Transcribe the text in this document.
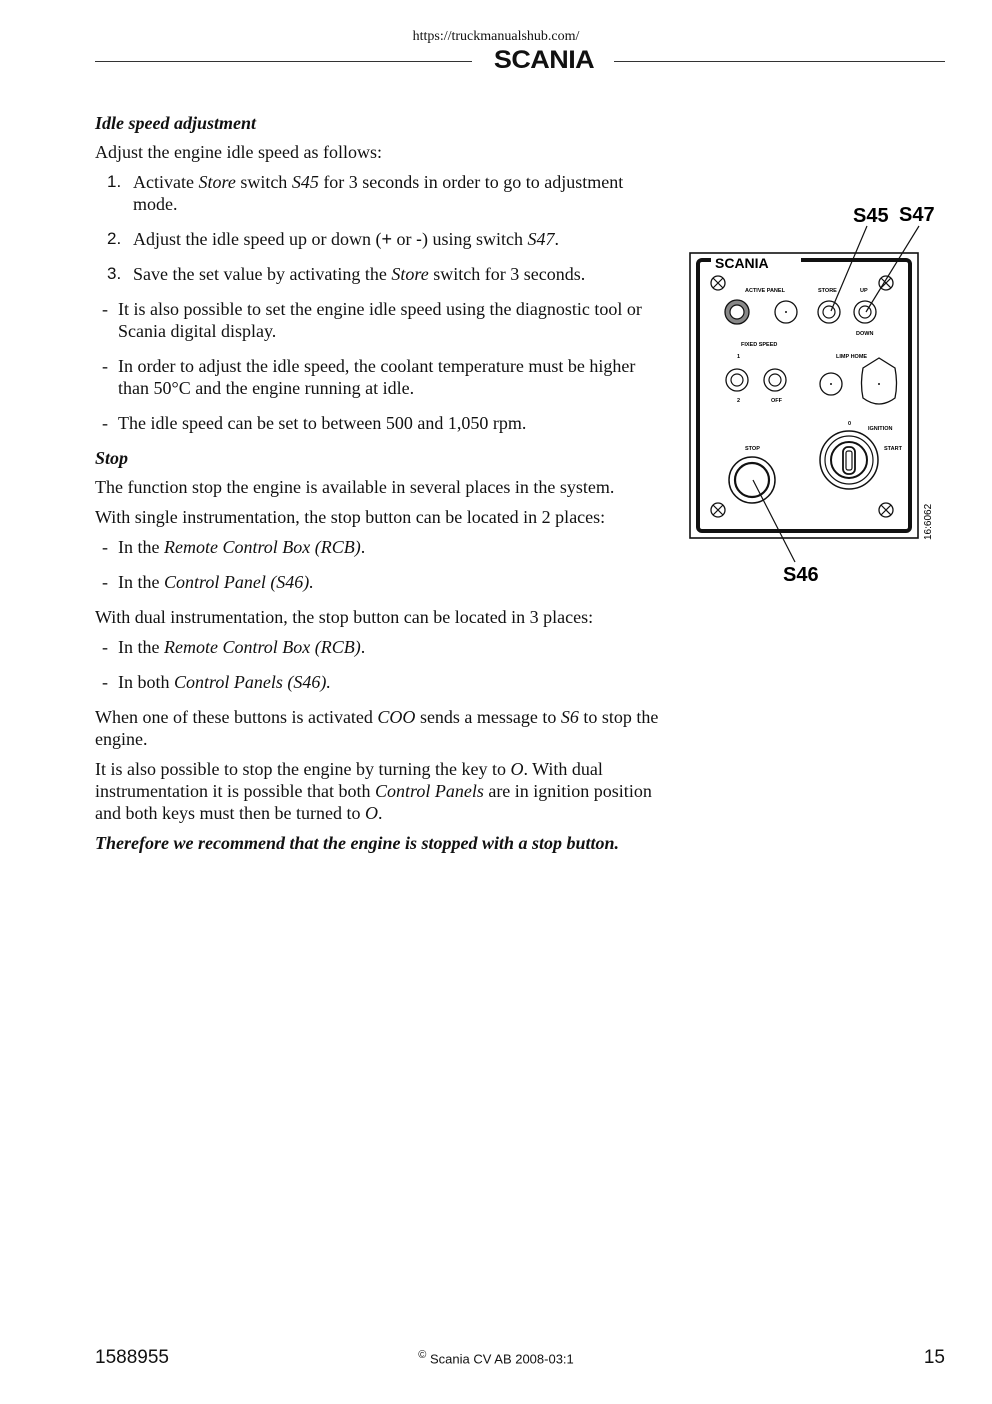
https://truckmanualshub.com/
SCANIA
Idle speed adjustment
Adjust the engine idle speed as follows:
1. Activate Store switch S45 for 3 seconds in order to go to adjustment mode.
2. Adjust the idle speed up or down (+ or -) using switch S47.
3. Save the set value by activating the Store switch for 3 seconds.
- It is also possible to set the engine idle speed using the diagnostic tool or Scania digital display.
- In order to adjust the idle speed, the coolant temperature must be higher than 50°C and the engine running at idle.
- The idle speed can be set to between 500 and 1,050 rpm.
Stop
The function stop the engine is available in several places in the system.
With single instrumentation, the stop button can be located in 2 places:
- In the Remote Control Box (RCB).
- In the Control Panel (S46).
With dual instrumentation, the stop button can be located in 3 places:
- In the Remote Control Box (RCB).
- In both Control Panels (S46).
When one of these buttons is activated COO sends a message to S6 to stop the engine.
It is also possible to stop the engine by turning the key to O. With dual instrumentation it is possible that both Control Panels are in ignition position and both keys must then be turned to O.
Therefore we recommend that the engine is stopped with a stop button.
S45 S47
S46
SCANIA
ACTIVE PANEL	STORE	UP
DOWN
FIXED SPEED
1
2	OFF
LIMP HOME
0
IGNITION
START
STOP
16:6062
1588955	© Scania CV AB 2008-03:1	15
